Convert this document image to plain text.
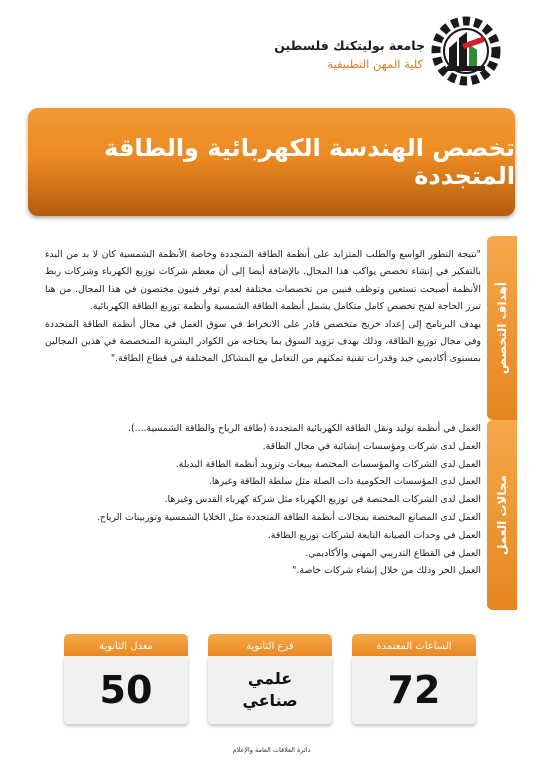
جامعة بوليتكنك فلسطين
كلية المهن التطبيقية
تخصص الهندسة الكهربائية والطاقة المتجددة
أهداف التخصص
مجالات العمل

"نتيجة التطور الواسع والطلب المتزايد على أنظمة الطاقة المتجددة وخاصة الأنظمة الشمسية كان لا بد من البدء بالتفكير في إنشاء تخصص يواكب هذا المجال. بالإضافة أيضا إلى أن معظم شركات توزيع الكهرباء وشركات ربط الأنظمة أصبحت تستعين وتوظف فنيين من تخصصات مختلفة لعدم توفر فنيون مختصون في هذا المجال. من هنا تبرز الحاجة لفتح تخصص كامل متكامل يشمل أنظمة الطاقة الشمسية وأنظمة توزيع الطاقة الكهربائية.

يهدف البرنامج إلى إعداد خريج متخصص قادر على الانخراط في سوق العمل في مجال أنظمة الطاقة المتجددة وفي مجال توزيع الطاقة، وذلك بهدف تزويد السوق بما يحتاجه من الكوادر البشرية المتخصصة في هذين المجالين بمستوى أكاديمي جيد وقدرات تقنية تمكنهم من التعامل مع المشاكل المختلفة في قطاع الطاقة."

العمل في أنظمة توليد ونقل الطاقة الكهربائية المتجددة (طاقة الرياح والطاقة الشمسية....).
العمل لدى شركات ومؤسسات إنشائية في مجال الطاقة.
العمل لدى الشركات والمؤسسات المختصة ببيعات وتزويد أنظمة الطاقة البديلة.
العمل لدى المؤسسات الحكومية ذات الصلة مثل سلطة الطاقة وغيرها.
العمل لدى الشركات المختصة في توزيع الكهرباء مثل شركة كهرباء القدس وغيرها.
العمل لدى المصانع المختصة بمجالات أنظمة الطاقة المتجددة مثل الخلايا الشمسية وتوربينات الرياح.
العمل في وحدات الصيانة التابعة لشركات توزيع الطاقة.
العمل في القطاع التدريبي المهني والأكاديمي.
العمل الحر وذلك من خلال إنشاء شركات خاصة."
الساعات المعتمدة
72
فرع الثانوية
علمي
صناعي
معدل الثانوية
50
دائرة العلاقات العامة والإعلام
